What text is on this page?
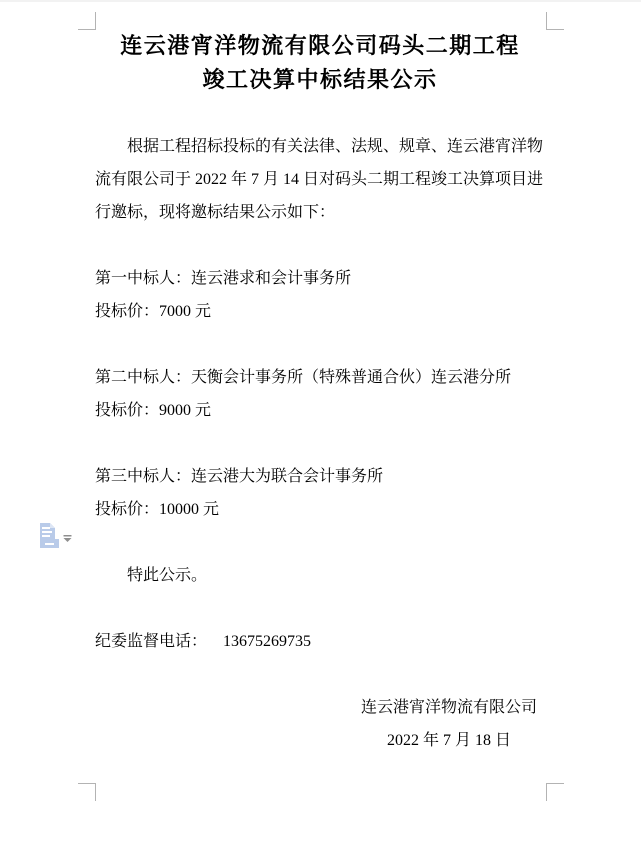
连云港宵洋物流有限公司码头二期工程
竣工决算中标结果公示
根据工程招标投标的有关法律、法规、规章、连云港宵洋物
流有限公司于 2022 年 7 月 14 日对码头二期工程竣工决算项目进
行邀标，现将邀标结果公示如下：
第一中标人：连云港求和会计事务所
投标价：7000 元
第二中标人：天衡会计事务所（特殊普通合伙）连云港分所
投标价：9000 元
第三中标人：连云港大为联合会计事务所
投标价：10000 元
特此公示。
纪委监督电话： 13675269735
连云港宵洋物流有限公司
2022 年 7 月 18 日
